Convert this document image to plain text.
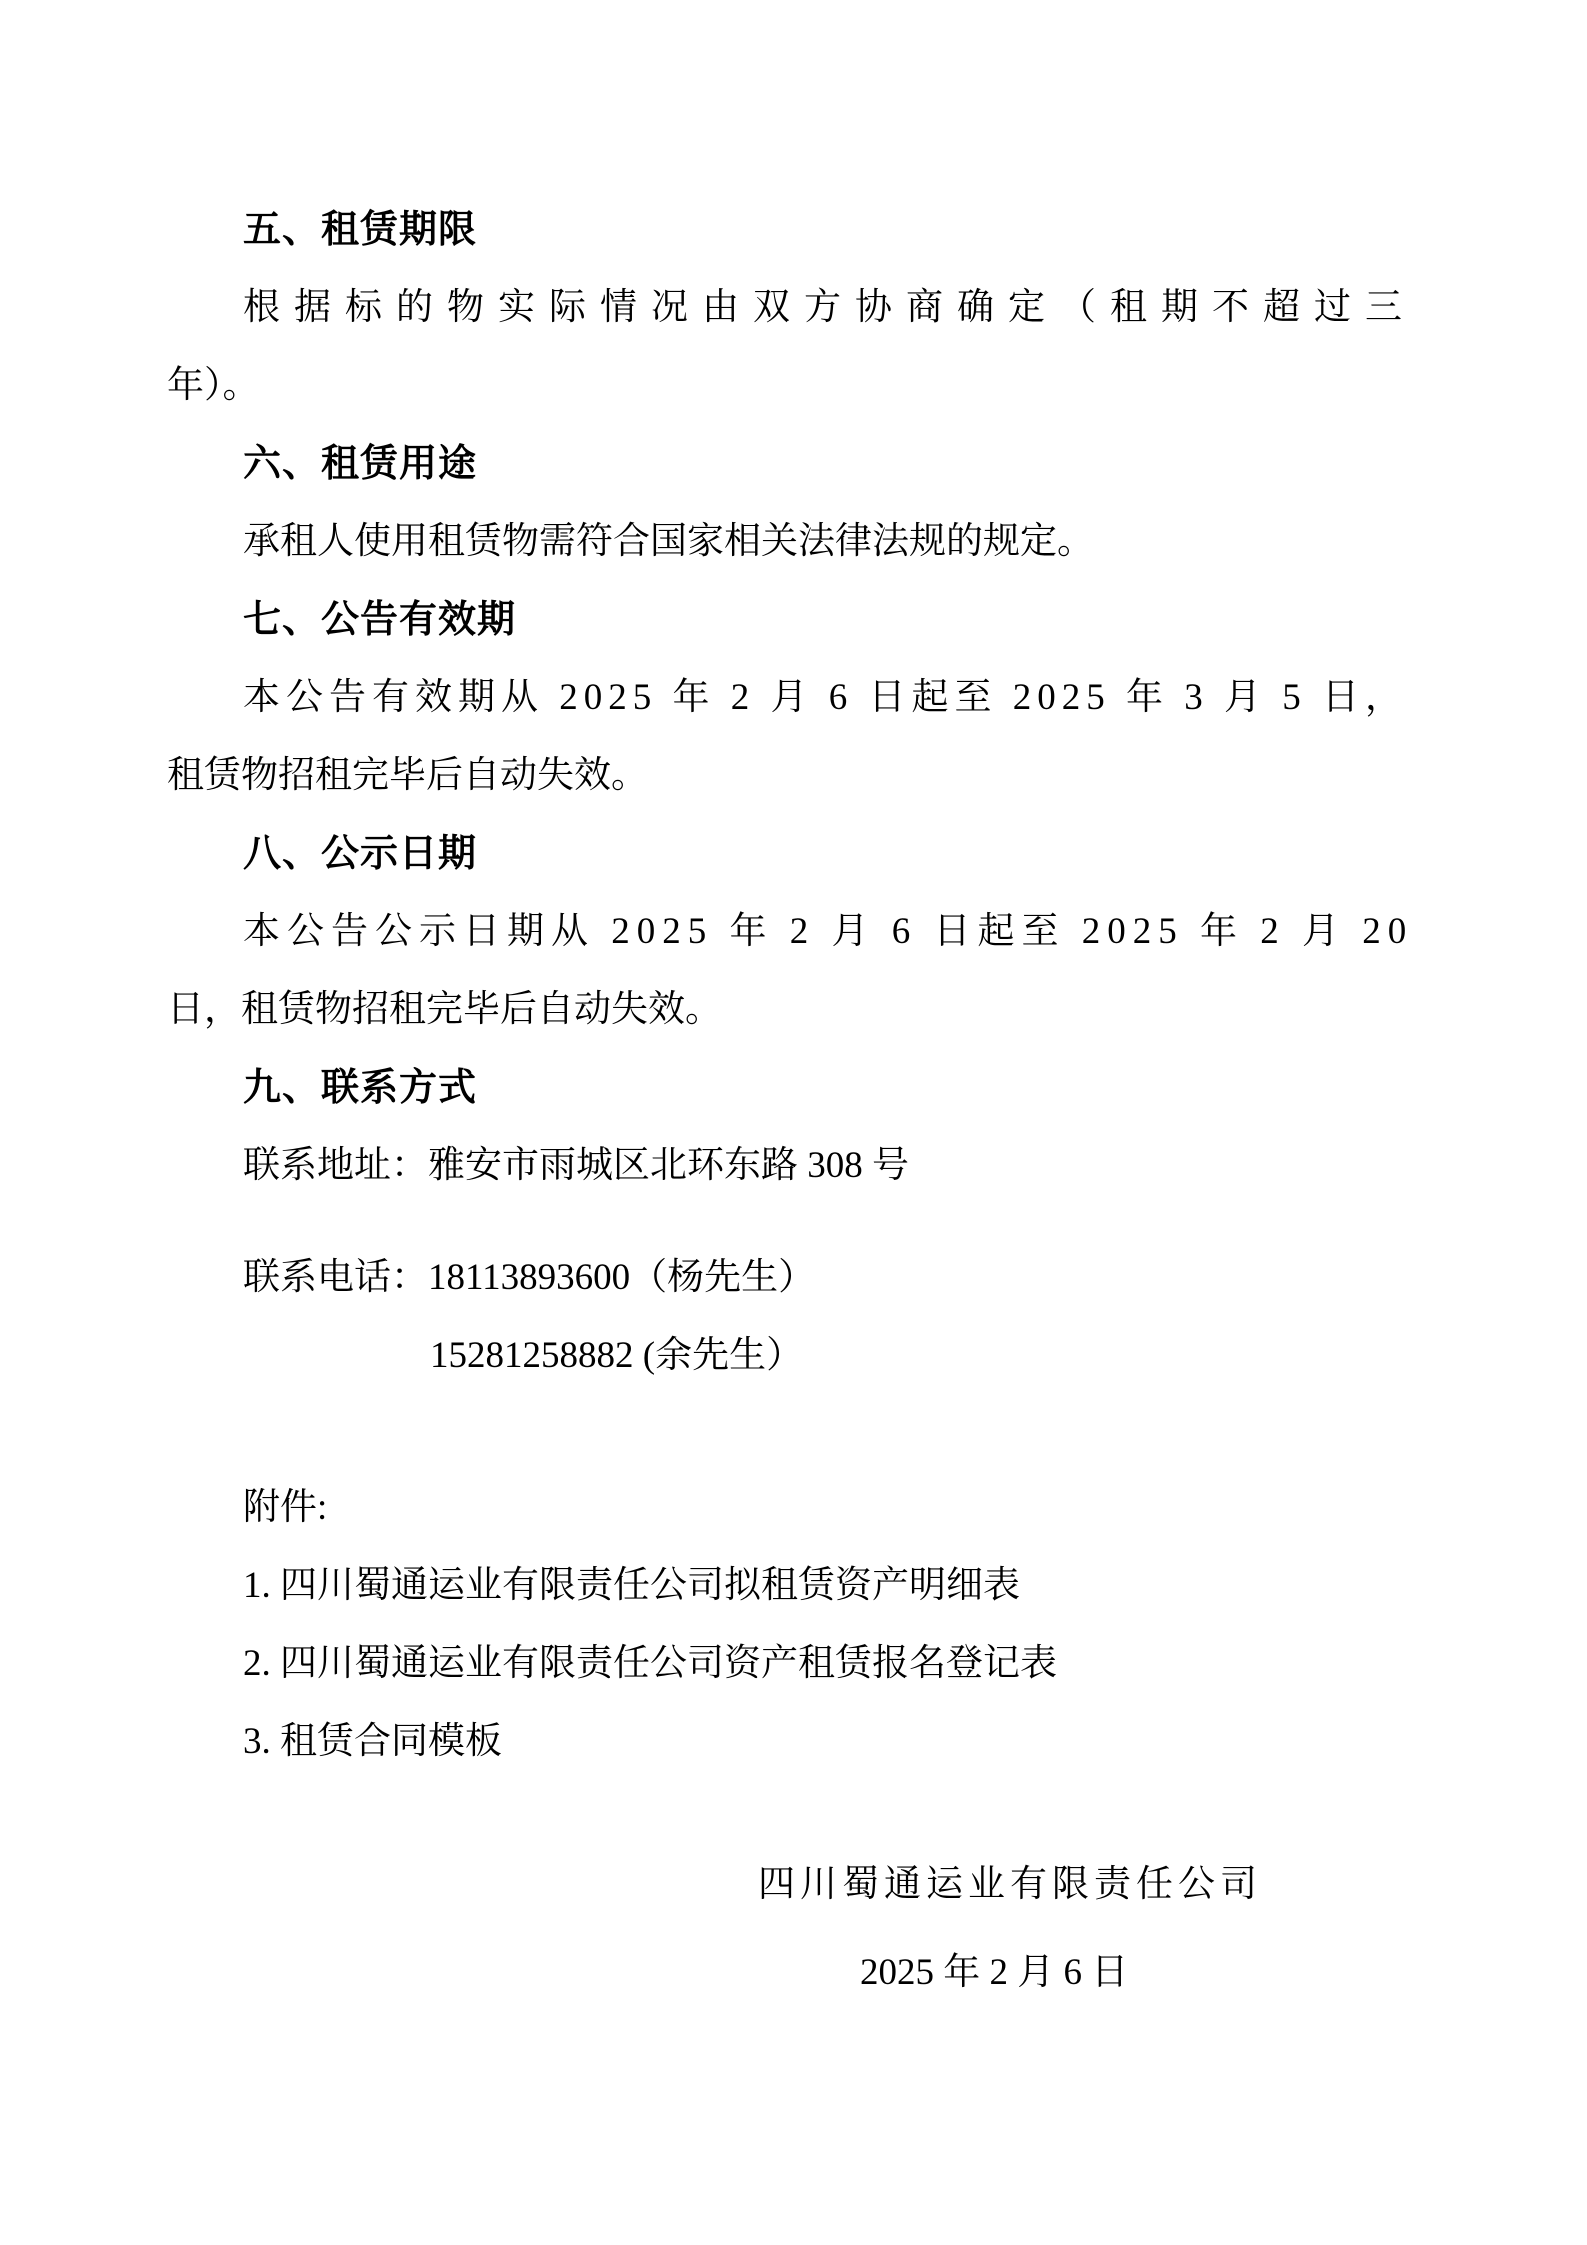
五、租赁期限
根据标的物实际情况由双方协商确定（租期不超过三
年）。
六、租赁用途
承租人使用租赁物需符合国家相关法律法规的规定。
七、公告有效期
本公告有效期从 2025 年 2 月 6 日起至 2025 年 3 月 5 日，
租赁物招租完毕后自动失效。
八、公示日期
本公告公示日期从 2025 年 2 月 6 日起至 2025 年 2 月 20
日，租赁物招租完毕后自动失效。
九、联系方式
联系地址：雅安市雨城区北环东路 308 号
联系电话：18113893600（杨先生）
15281258882 (余先生）
附件:
1. 四川蜀通运业有限责任公司拟租赁资产明细表
2. 四川蜀通运业有限责任公司资产租赁报名登记表
3. 租赁合同模板
四川蜀通运业有限责任公司
2025 年 2 月 6 日
